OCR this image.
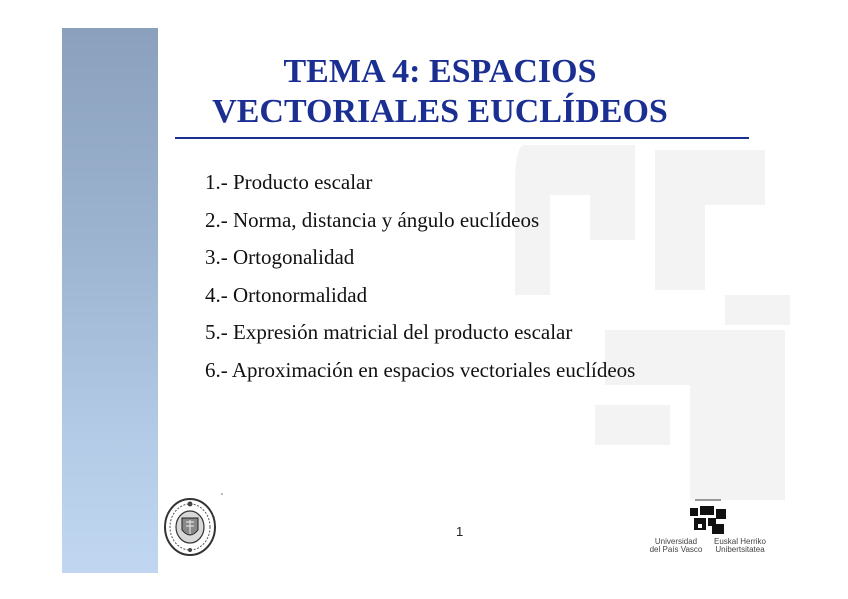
TEMA 4: ESPACIOS
VECTORIALES EUCLÍDEOS
1.- Producto escalar
2.- Norma, distancia y ángulo euclídeos
3.- Ortogonalidad
4.- Ortonormalidad
5.- Expresión matricial del producto escalar
6.- Aproximación en espacios vectoriales euclídeos
1
Universidad
del País Vasco
Euskal Herriko
Unibertsitatea
